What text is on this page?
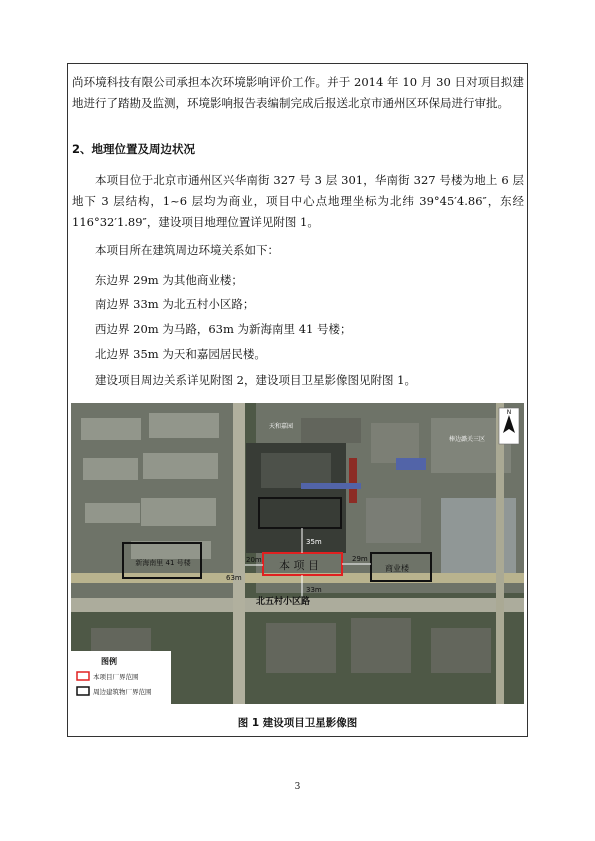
尚环境科技有限公司承担本次环境影响评价工作。并于 2014 年 10 月 30 日对项目拟建地进行了踏勘及监测，环境影响报告表编制完成后报送北京市通州区环保局进行审批。

2、地理位置及周边状况

本项目位于北京市通州区兴华南街 327 号 3 层 301，华南街 327 号楼为地上 6 层地下 3 层结构，1~6 层均为商业，项目中心点地理坐标为北纬 39°45′4.86″，东经 116°32′1.89″，建设项目地理位置详见附图 1。

本项目所在建筑周边环境关系如下：

东边界 29m 为其他商业楼；

南边界 33m 为北五村小区路；

西边界 20m 为马路，63m 为新海南里 41 号楼；

北边界 35m 为天和嘉园居民楼。

建设项目周边关系详见附图 2，建设项目卫星影像图见附图 1。

N
本 项 目
新海南里 41 号楼
商业楼
35m
20m
63m
29m
33m
北五村小区路
天和嘉园
棒边潞关三区
图例
本项目厂界范围
周边建筑物厂界范围
图 1 建设项目卫星影像图
3
